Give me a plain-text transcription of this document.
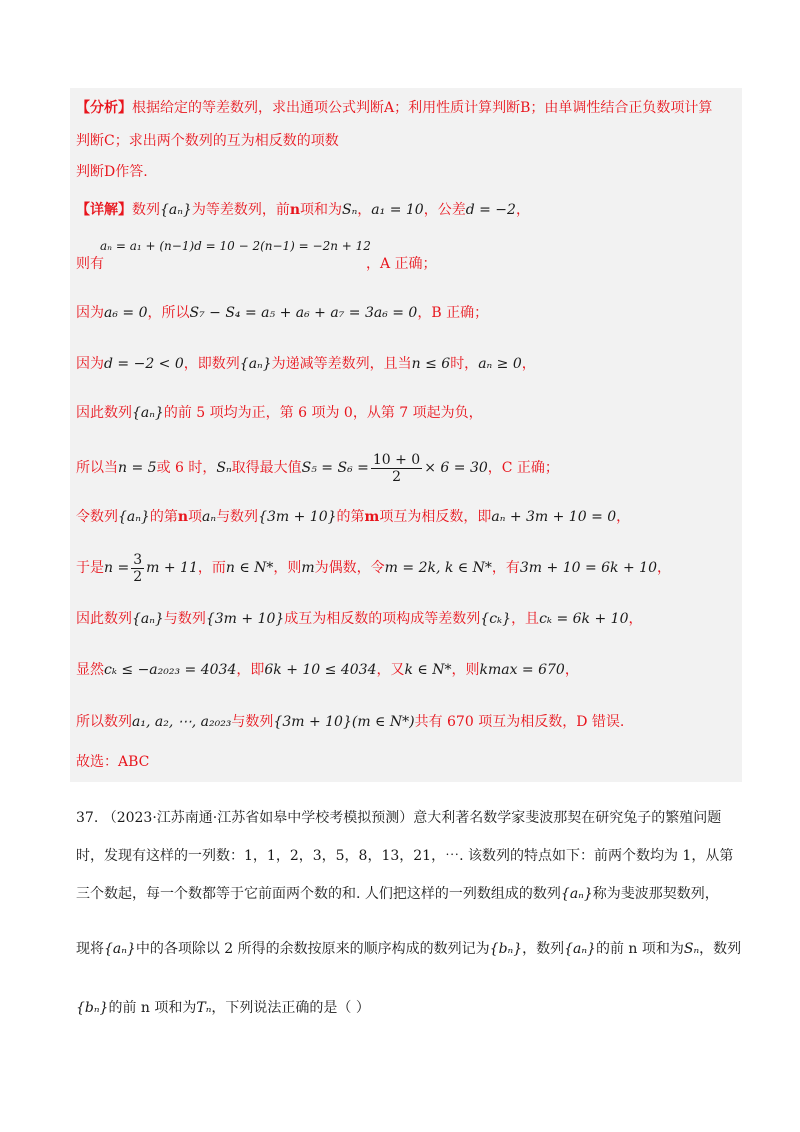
【分析】根据给定的等差数列，求出通项公式判断A；利用性质计算判断B；由单调性结合正负数项计算
判断C；求出两个数列的互为相反数的项数
判断D作答.
【详解】数列{aₙ}为等差数列，前n项和为Sₙ，a₁ = 10，公差d = −2，
aₙ = a₁ + (n−1)d = 10 − 2(n−1) = −2n + 12
则有	，A 正确；
因为a₆ = 0，所以S₇ − S₄ = a₅ + a₆ + a₇ = 3a₆ = 0，B 正确；
因为d = −2 < 0，即数列{aₙ}为递减等差数列，且当n ≤ 6时，aₙ ≥ 0，
因此数列{aₙ}的前 5 项均为正，第 6 项为 0，从第 7 项起为负，
所以当n = 5或 6 时，Sₙ取得最大值$S_5 = S_6 = \frac{10 + 0}{2} \times 6 = 30$，C 正确；
令数列{aₙ}的第n项aₙ与数列{3m + 10}的第m项互为相反数，即aₙ + 3m + 10 = 0，
于是$n = \frac{3}{2}$ m + 11，而n ∈ N*，则m为偶数，令m = 2k, k ∈ N*，有3m + 10 = 6k + 10，
因此数列{aₙ}与数列{3m + 10}成互为相反数的项构成等差数列{cₖ}，且cₖ = 6k + 10，
显然cₖ ≤ −a₂₀₂₃ = 4034，即6k + 10 ≤ 4034，又k ∈ N*，则kmax = 670，
所以数列a₁, a₂, ⋯, a₂₀₂₃与数列{3m + 10}(m ∈ N*)共有 670 项互为相反数，D 错误.
故选：ABC
37. （2023·江苏南通·江苏省如皋中学校考模拟预测）意大利著名数学家斐波那契在研究兔子的繁殖问题
时，发现有这样的一列数：1，1，2，3，5，8，13，21，⋯. 该数列的特点如下：前两个数均为 1，从第
三个数起，每一个数都等于它前面两个数的和. 人们把这样的一列数组成的数列{aₙ}称为斐波那契数列，
现将{aₙ}中的各项除以 2 所得的余数按原来的顺序构成的数列记为{bₙ}，数列{aₙ}的前 n 项和为Sₙ，数列
{bₙ}的前 n 项和为Tₙ，下列说法正确的是（ ）
